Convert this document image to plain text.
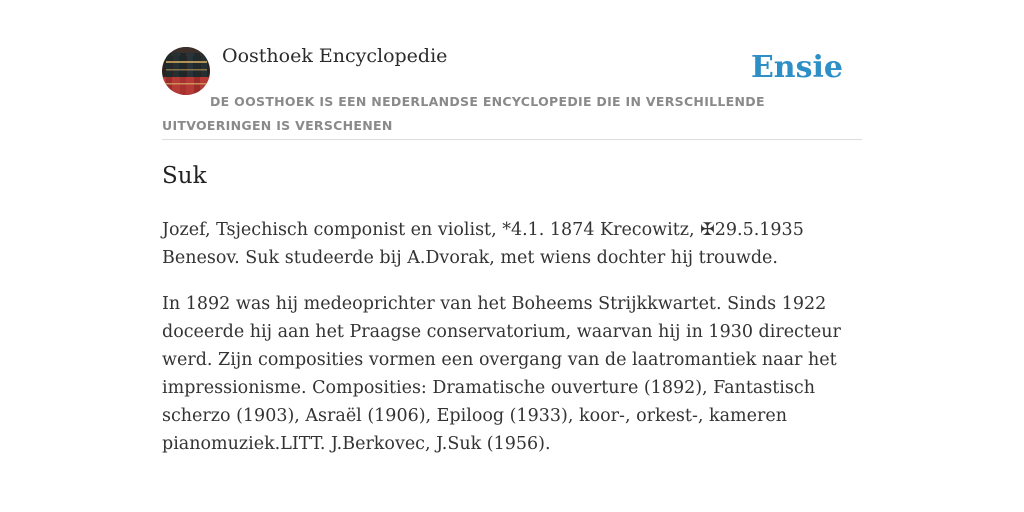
Oosthoek Encyclopedie	Ensie
DE OOSTHOEK IS EEN NEDERLANDSE ENCYCLOPEDIE DIE IN VERSCHILLENDE UITVOERINGEN IS VERSCHENEN
Suk

Jozef, Tsjechisch componist en violist, *4.1. 1874 Krecowitz, ✠29.5.1935 Benesov. Suk studeerde bij A.Dvorak, met wiens dochter hij trouwde.

In 1892 was hij medeoprichter van het Boheems Strijkkwartet. Sinds 1922 doceerde hij aan het Praagse conservatorium, waarvan hij in 1930 directeur werd. Zijn composities vormen een overgang van de laatromantiek naar het impressionisme. Composities: Dramatische ouverture (1892), Fantastisch scherzo (1903), Asraël (1906), Epiloog (1933), koor-, orkest-, kameren pianomuziek.LITT. J.Berkovec, J.Suk (1956).
